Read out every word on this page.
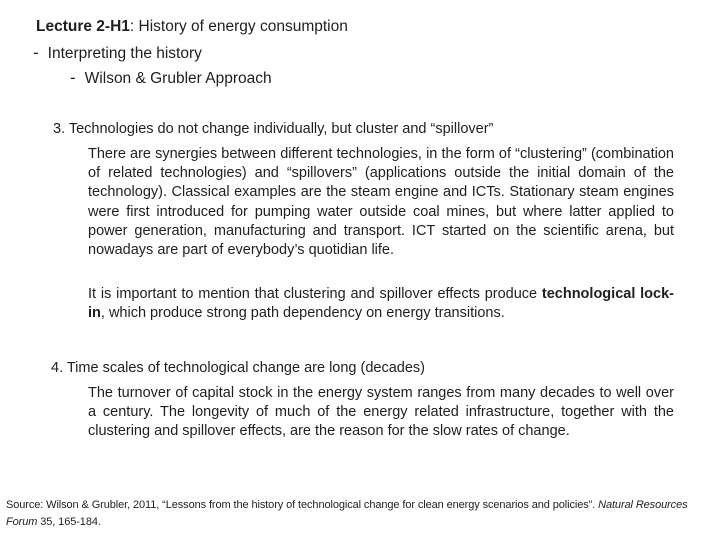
Lecture 2-H1: History of energy consumption
- Interpreting the history
- Wilson & Grubler Approach
3. Technologies do not change individually, but cluster and “spillover”
There are synergies between different technologies, in the form of “clustering” (combination of related technologies) and “spillovers” (applications outside the initial domain of the technology). Classical examples are the steam engine and ICTs. Stationary steam engines were first introduced for pumping water outside coal mines, but where latter applied to power generation, manufacturing and transport. ICT started on the scientific arena, but nowadays are part of everybody’s quotidian life.
It is important to mention that clustering and spillover effects produce technological lock-in, which produce strong path dependency on energy transitions.
4. Time scales of technological change are long (decades)
The turnover of capital stock in the energy system ranges from many decades to well over a century. The longevity of much of the energy related infrastructure, together with the clustering and spillover effects, are the reason for the slow rates of change.
Source: Wilson & Grubler, 2011, “Lessons from the history of technological change for clean energy scenarios and policies”. Natural Resources Forum 35, 165-184.
